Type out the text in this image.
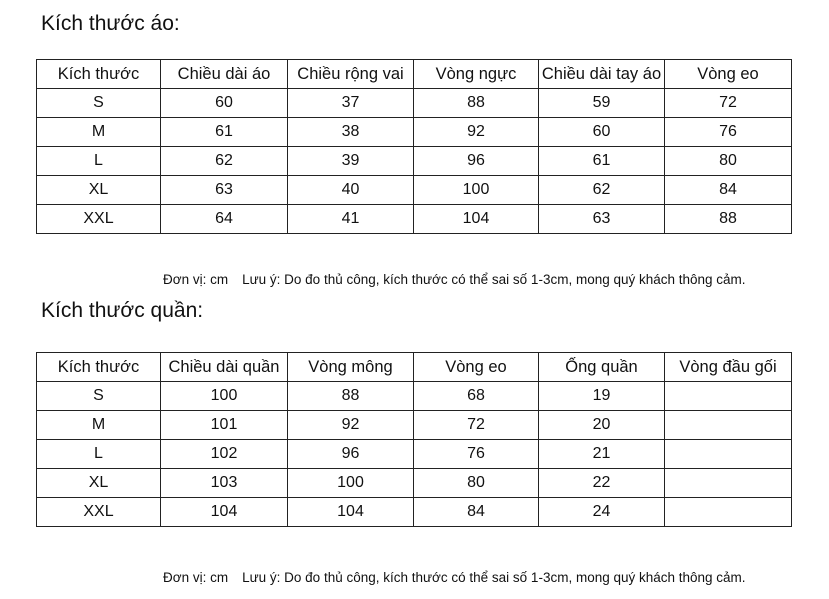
Kích thước áo:
Kích thước	Chiều dài áo	Chiều rộng vai	Vòng ngực	Chiều dài tay áo	Vòng eo
S	60	37	88	59	72
M	61	38	92	60	76
L	62	39	96	61	80
XL	63	40	100	62	84
XXL	64	41	104	63	88
Đơn vị: cm Lưu ý: Do đo thủ công, kích thước có thể sai số 1-3cm, mong quý khách thông cảm.
Kích thước quần:
Kích thước	Chiều dài quần	Vòng mông	Vòng eo	Ống quần	Vòng đầu gối
S	100	88	68	19	
M	101	92	72	20	
L	102	96	76	21	
XL	103	100	80	22	
XXL	104	104	84	24	
Đơn vị: cm Lưu ý: Do đo thủ công, kích thước có thể sai số 1-3cm, mong quý khách thông cảm.
